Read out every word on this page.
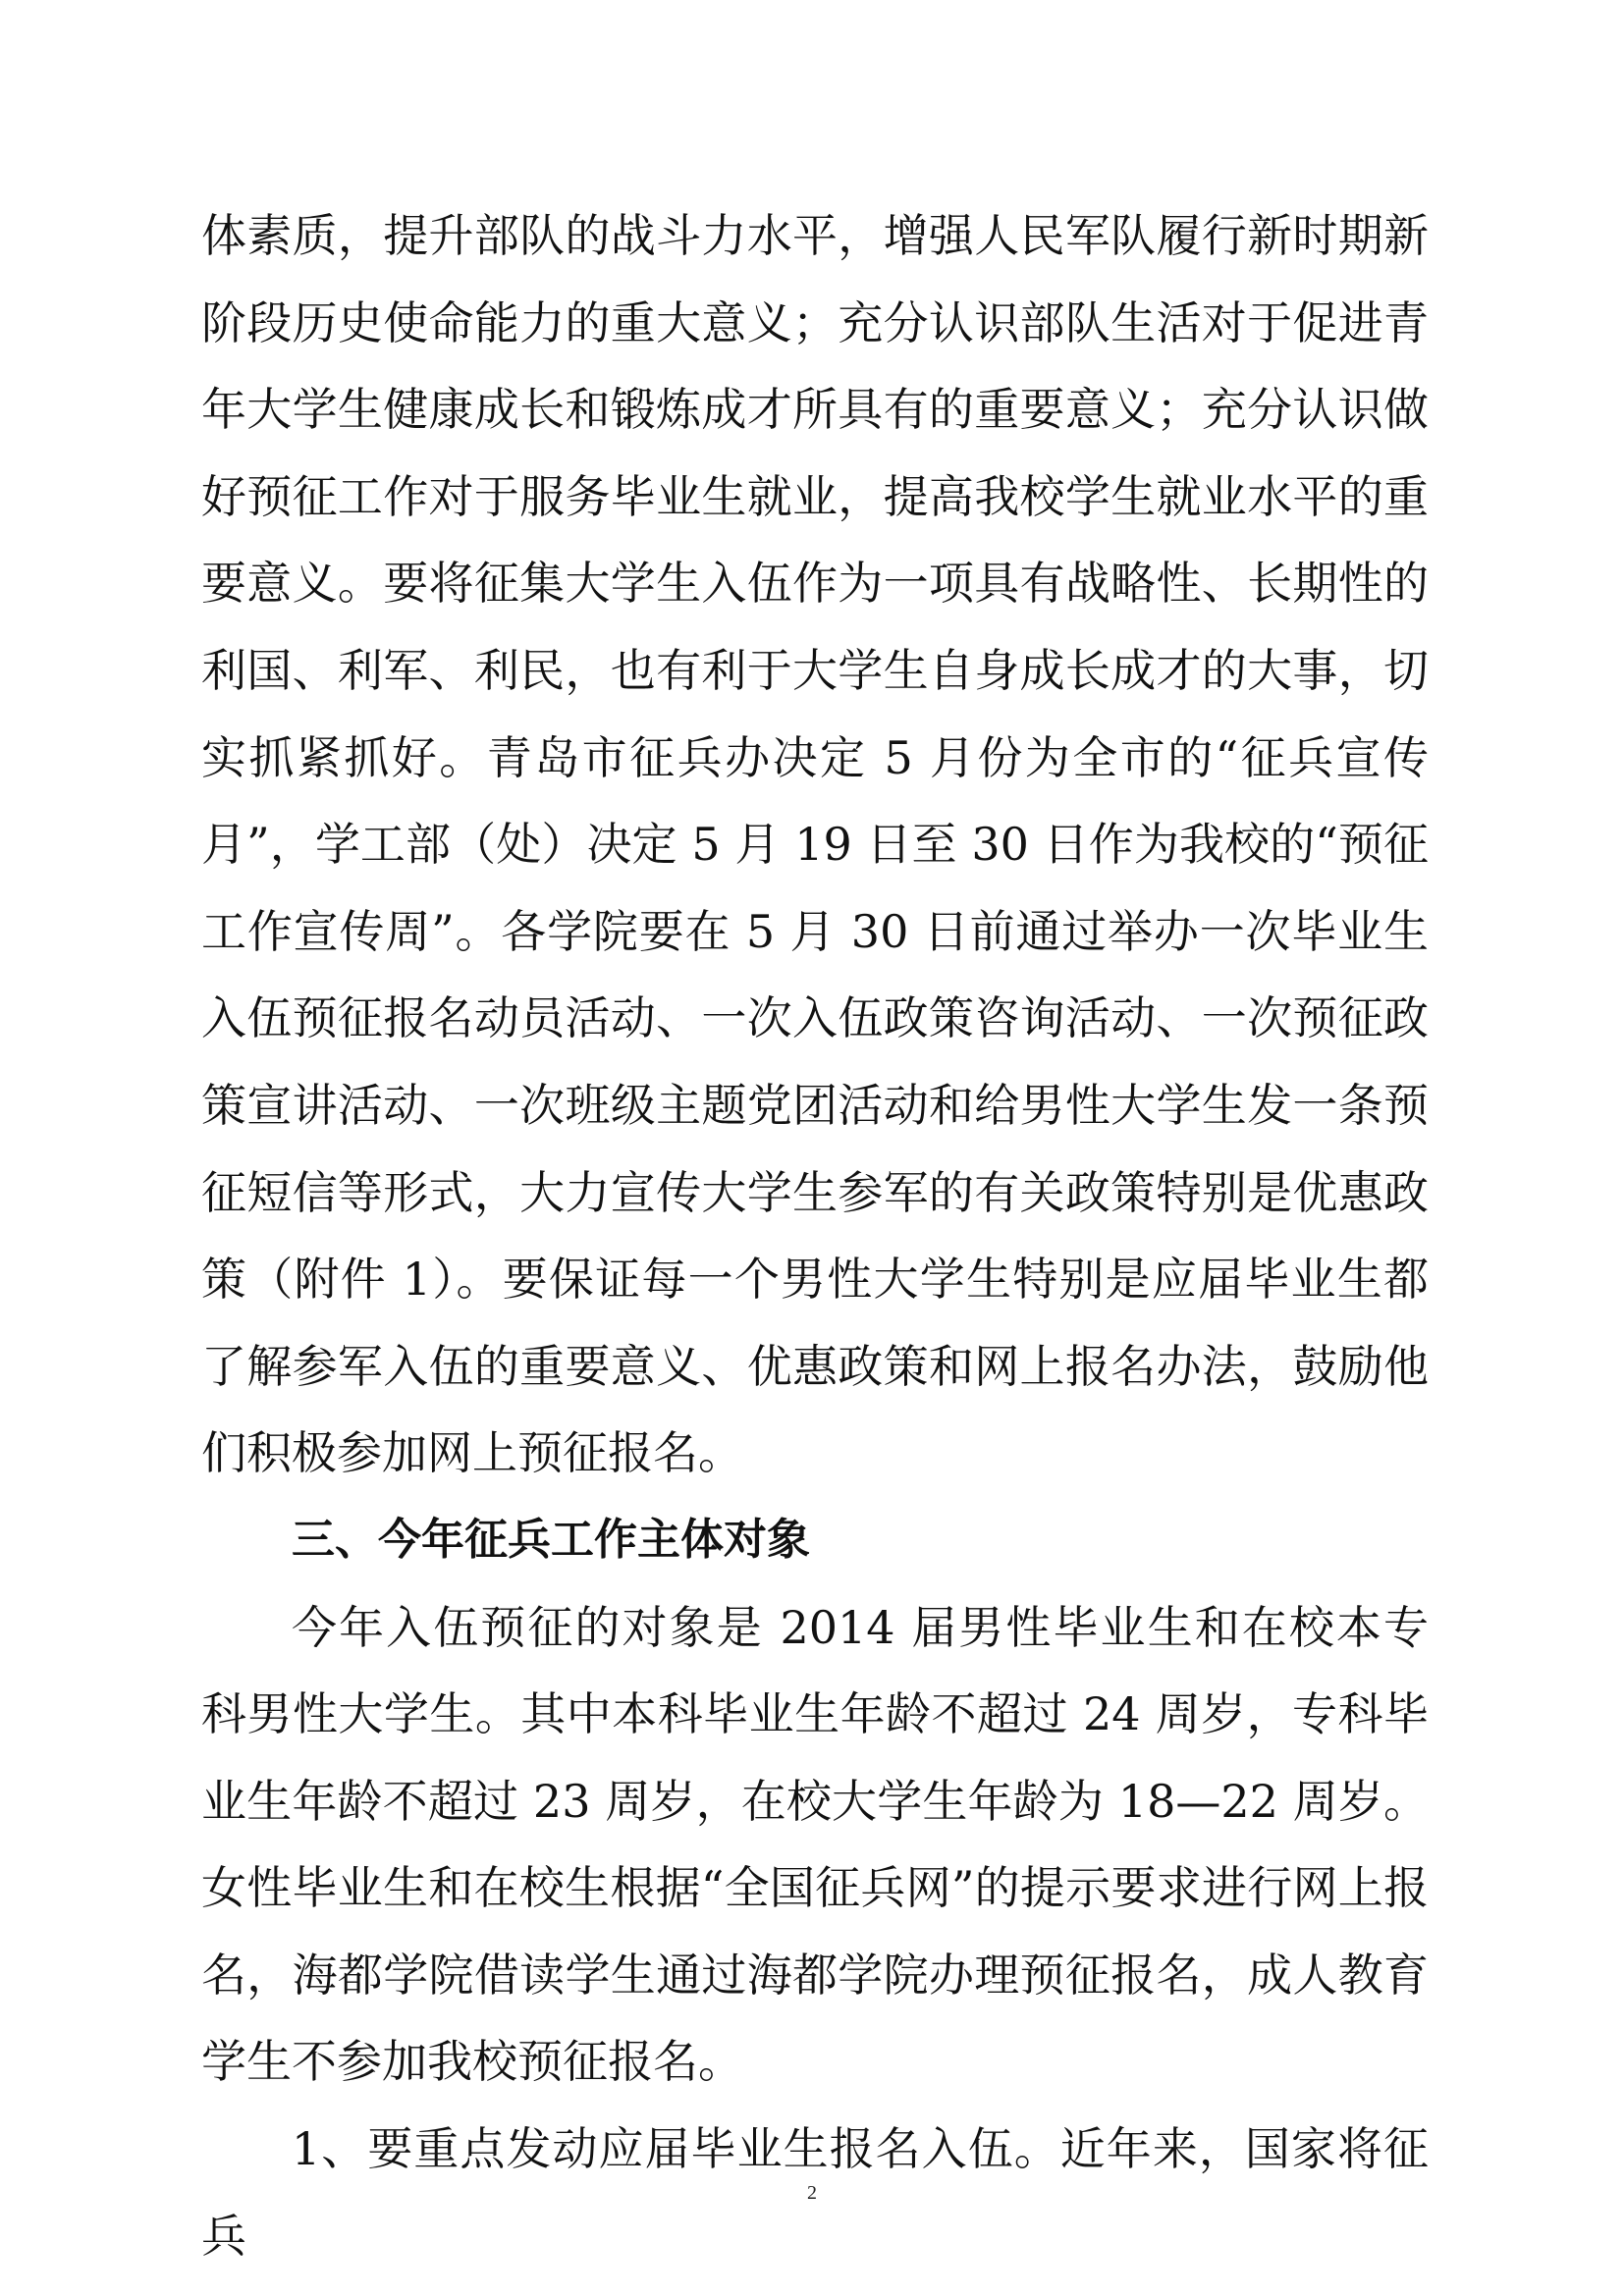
体素质，提升部队的战斗力水平，增强人民军队履行新时期新阶段历史使命能力的重大意义；充分认识部队生活对于促进青年大学生健康成长和锻炼成才所具有的重要意义；充分认识做好预征工作对于服务毕业生就业，提高我校学生就业水平的重要意义。要将征集大学生入伍作为一项具有战略性、长期性的利国、利军、利民，也有利于大学生自身成长成才的大事，切实抓紧抓好。青岛市征兵办决定 5 月份为全市的“征兵宣传月”，学工部（处）决定 5 月 19 日至 30 日作为我校的“预征工作宣传周”。各学院要在 5 月 30 日前通过举办一次毕业生入伍预征报名动员活动、一次入伍政策咨询活动、一次预征政策宣讲活动、一次班级主题党团活动和给男性大学生发一条预征短信等形式，大力宣传大学生参军的有关政策特别是优惠政策（附件 1）。要保证每一个男性大学生特别是应届毕业生都了解参军入伍的重要意义、优惠政策和网上报名办法，鼓励他们积极参加网上预征报名。

三、今年征兵工作主体对象

今年入伍预征的对象是 2014 届男性毕业生和在校本专科男性大学生。其中本科毕业生年龄不超过 24 周岁，专科毕业生年龄不超过 23 周岁，在校大学生年龄为 18—22 周岁。女性毕业生和在校生根据“全国征兵网”的提示要求进行网上报名，海都学院借读学生通过海都学院办理预征报名，成人教育学生不参加我校预征报名。

1、要重点发动应届毕业生报名入伍。近年来，国家将征兵

2
